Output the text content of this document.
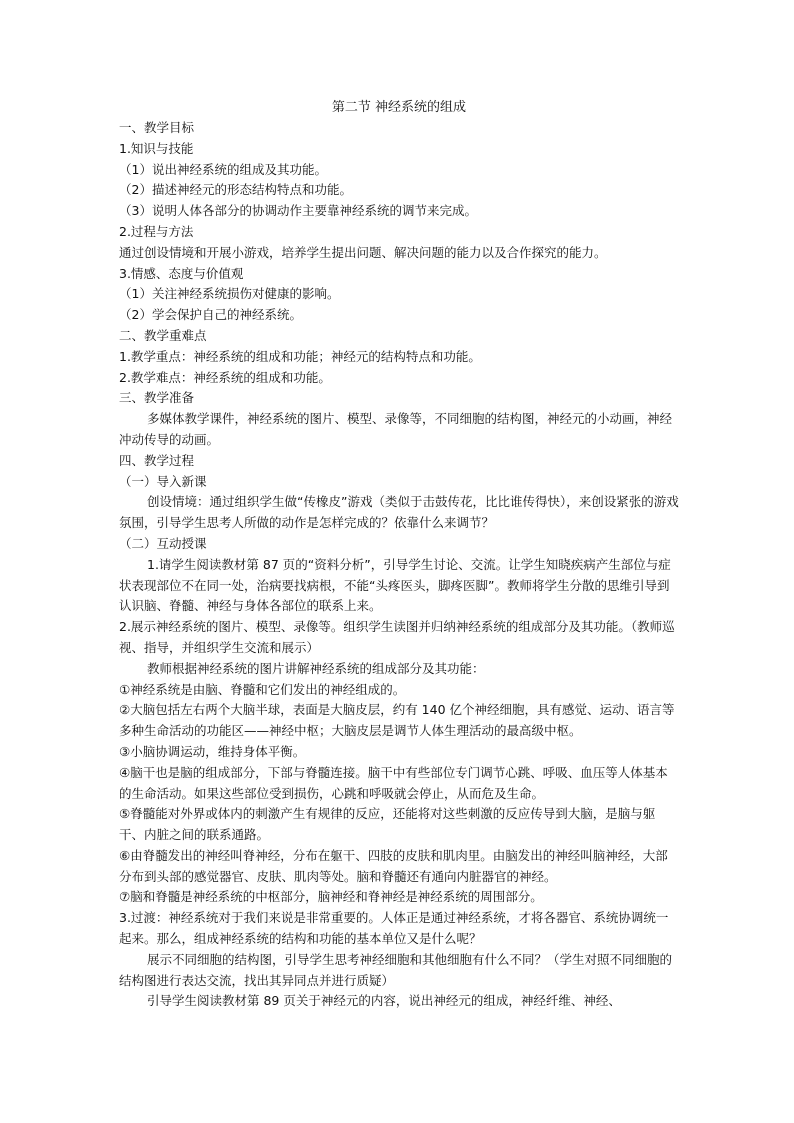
第二节 神经系统的组成

一、教学目标

1.知识与技能

（1）说出神经系统的组成及其功能。

（2）描述神经元的形态结构特点和功能。

（3）说明人体各部分的协调动作主要靠神经系统的调节来完成。

2.过程与方法

通过创设情境和开展小游戏，培养学生提出问题、解决问题的能力以及合作探究的能力。

3.情感、态度与价值观

（1）关注神经系统损伤对健康的影响。

（2）学会保护自己的神经系统。

二、教学重难点

1.教学重点：神经系统的组成和功能；神经元的结构特点和功能。

2.教学难点：神经系统的组成和功能。

三、教学准备

多媒体教学课件，神经系统的图片、模型、录像等，不同细胞的结构图，神经元的小动画，神经冲动传导的动画。

四、教学过程

（一）导入新课

创设情境：通过组织学生做“传橡皮”游戏（类似于击鼓传花，比比谁传得快），来创设紧张的游戏氛围，引导学生思考人所做的动作是怎样完成的？依靠什么来调节？

（二）互动授课

1.请学生阅读教材第 87 页的“资料分析”，引导学生讨论、交流。让学生知晓疾病产生部位与症状表现部位不在同一处，治病要找病根，不能“头疼医头，脚疼医脚”。教师将学生分散的思维引导到认识脑、脊髓、神经与身体各部位的联系上来。

2.展示神经系统的图片、模型、录像等。组织学生读图并归纳神经系统的组成部分及其功能。（教师巡视、指导，并组织学生交流和展示）

教师根据神经系统的图片讲解神经系统的组成部分及其功能：

①神经系统是由脑、脊髓和它们发出的神经组成的。

②大脑包括左右两个大脑半球，表面是大脑皮层，约有 140 亿个神经细胞，具有感觉、运动、语言等多种生命活动的功能区——神经中枢；大脑皮层是调节人体生理活动的最高级中枢。

③小脑协调运动，维持身体平衡。

④脑干也是脑的组成部分，下部与脊髓连接。脑干中有些部位专门调节心跳、呼吸、血压等人体基本的生命活动。如果这些部位受到损伤，心跳和呼吸就会停止，从而危及生命。

⑤脊髓能对外界或体内的刺激产生有规律的反应，还能将对这些刺激的反应传导到大脑，是脑与躯干、内脏之间的联系通路。

⑥由脊髓发出的神经叫脊神经，分布在躯干、四肢的皮肤和肌肉里。由脑发出的神经叫脑神经，大部分布到头部的感觉器官、皮肤、肌肉等处。脑和脊髓还有通向内脏器官的神经。

⑦脑和脊髓是神经系统的中枢部分，脑神经和脊神经是神经系统的周围部分。

3.过渡：神经系统对于我们来说是非常重要的。人体正是通过神经系统，才将各器官、系统协调统一起来。那么，组成神经系统的结构和功能的基本单位又是什么呢？

展示不同细胞的结构图，引导学生思考神经细胞和其他细胞有什么不同？（学生对照不同细胞的结构图进行表达交流，找出其异同点并进行质疑）

引导学生阅读教材第 89 页关于神经元的内容，说出神经元的组成，神经纤维、神经、
